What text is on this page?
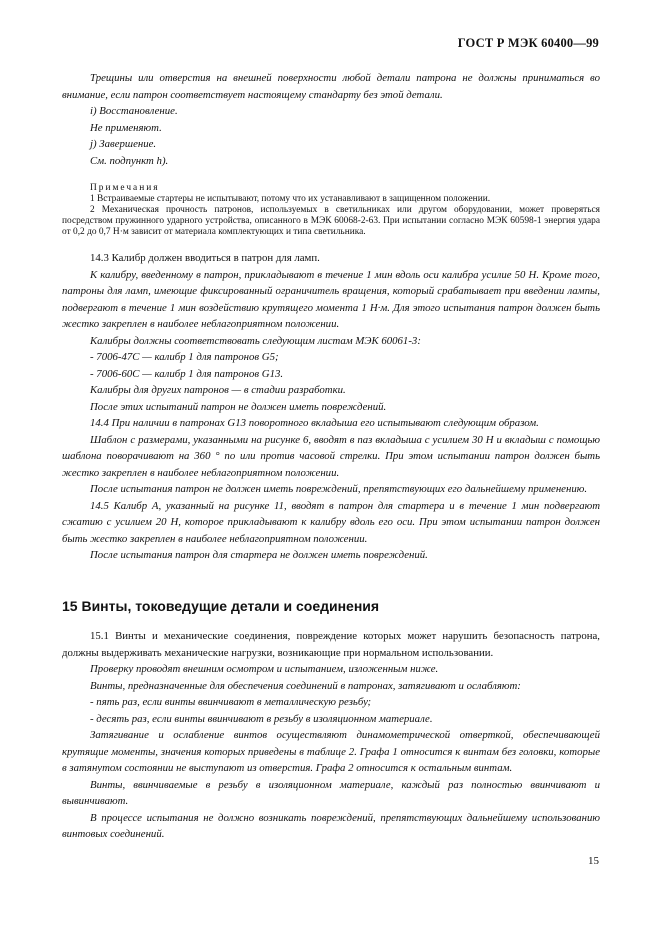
ГОСТ Р МЭК 60400—99

Трещины или отверстия на внешней поверхности любой детали патрона не должны приниматься во внимание, если патрон соответствует настоящему стандарту без этой детали.

i) Восстановление.

Не применяют.

j) Завершение.

См. подпункт h).

Примечания

1 Встраиваемые стартеры не испытывают, потому что их устанавливают в защищенном положении.

2 Механическая прочность патронов, используемых в светильниках или другом оборудовании, может проверяться посредством пружинного ударного устройства, описанного в МЭК 60068-2-63. При испытании согласно МЭК 60598-1 энергия удара от 0,2 до 0,7 Н·м зависит от материала комплектующих и типа светильника.

14.3 Калибр должен вводиться в патрон для ламп.

К калибру, введенному в патрон, прикладывают в течение 1 мин вдоль оси калибра усилие 50 Н. Кроме того, патроны для ламп, имеющие фиксированный ограничитель вращения, который срабатывает при введении лампы, подвергают в течение 1 мин воздействию крутящего момента 1 Н·м. Для этого испытания патрон должен быть жестко закреплен в наиболее неблагоприятном положении.

Калибры должны соответствовать следующим листам МЭК 60061-3:

- 7006-47С — калибр 1 для патронов G5;

- 7006-60С — калибр 1 для патронов G13.

Калибры для других патронов — в стадии разработки.

После этих испытаний патрон не должен иметь повреждений.

14.4 При наличии в патронах G13 поворотного вкладыша его испытывают следующим образом.

Шаблон с размерами, указанными на рисунке 6, вводят в паз вкладыша с усилием 30 Н и вкладыш с помощью шаблона поворачивают на 360 ° по или против часовой стрелки. При этом испытании патрон должен быть жестко закреплен в наиболее неблагоприятном положении.

После испытания патрон не должен иметь повреждений, препятствующих его дальнейшему применению.

14.5 Калибр А, указанный на рисунке 11, вводят в патрон для стартера и в течение 1 мин подвергают сжатию с усилием 20 Н, которое прикладывают к калибру вдоль его оси. При этом испытании патрон должен быть жестко закреплен в наиболее неблагоприятном положении.

После испытания патрон для стартера не должен иметь повреждений.

15 Винты, токоведущие детали и соединения

15.1 Винты и механические соединения, повреждение которых может нарушить безопасность патрона, должны выдерживать механические нагрузки, возникающие при нормальном использовании.

Проверку проводят внешним осмотром и испытанием, изложенным ниже.

Винты, предназначенные для обеспечения соединений в патронах, затягивают и ослабляют:

- пять раз, если винты ввинчивают в металлическую резьбу;

- десять раз, если винты ввинчивают в резьбу в изоляционном материале.

Затягивание и ослабление винтов осуществляют динамометрической отверткой, обеспечивающей крутящие моменты, значения которых приведены в таблице 2. Графа 1 относится к винтам без головки, которые в затянутом состоянии не выступают из отверстия. Графа 2 относится к остальным винтам.

Винты, ввинчиваемые в резьбу в изоляционном материале, каждый раз полностью ввинчивают и вывинчивают.

В процессе испытания не должно возникать повреждений, препятствующих дальнейшему использованию винтовых соединений.

15
